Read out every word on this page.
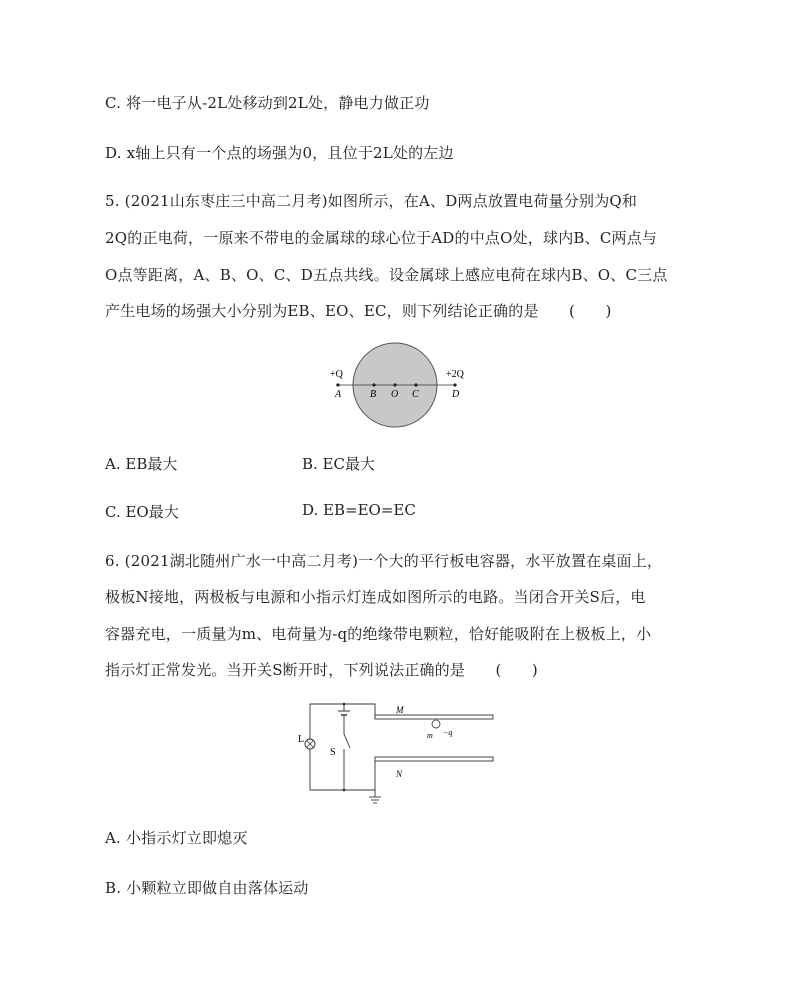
C. 将一电子从-2L处移动到2L处，静电力做正功
D. x轴上只有一个点的场强为0，且位于2L处的左边
5. (2021山东枣庄三中高二月考)如图所示，在A、D两点放置电荷量分别为Q和
2Q的正电荷，一原来不带电的金属球的球心位于AD的中点O处，球内B、C两点与
O点等距离，A、B、O、C、D五点共线。设金属球上感应电荷在球内B、O、C三点
产生电场的场强大小分别为EB、EO、EC，则下列结论正确的是　　(　　)
+Q
A	B O C
+2Q
D
A. EB最大	B. EC最大
C. EO最大	D. EB=EO=EC
6. (2021湖北随州广水一中高二月考)一个大的平行板电容器，水平放置在桌面上，
极板N接地，两极板与电源和小指示灯连成如图所示的电路。当闭合开关S后，电
容器充电，一质量为m、电荷量为-q的绝缘带电颗粒，恰好能吸附在上极板上，小
指示灯正常发光。当开关S断开时，下列说法正确的是　　(　　)
L
S
M
N
m −q
A. 小指示灯立即熄灭
B. 小颗粒立即做自由落体运动
